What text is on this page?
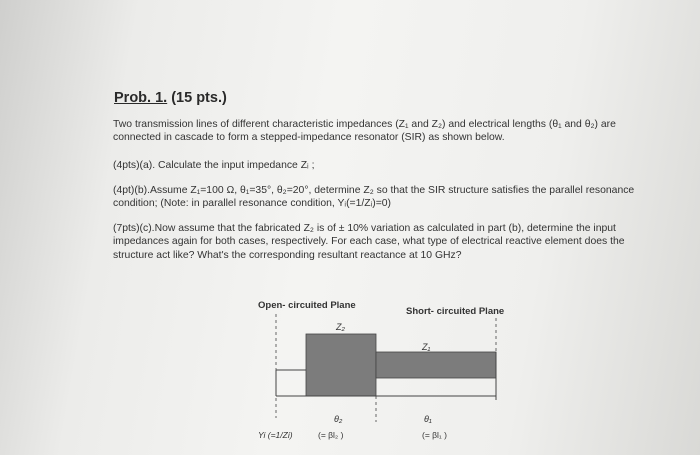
Prob. 1. (15 pts.)
Two transmission lines of different characteristic impedances (Z₁ and Z₂) and electrical lengths (θ₁ and θ₂) are connected in cascade to form a stepped-impedance resonator (SIR) as shown below.
(4pts)(a). Calculate the input impedance Zᵢ ;
(4pt)(b).Assume Z₁=100 Ω, θ₁=35°, θ₂=20°, determine Z₂ so that the SIR structure satisfies the parallel resonance condition; (Note: in parallel resonance condition, Yᵢ(=1/Zᵢ)=0)
(7pts)(c).Now assume that the fabricated Z₂ is of ± 10% variation as calculated in part (b), determine the input impedances again for both cases, respectively. For each case, what type of electrical reactive element does the structure act like? What's the corresponding resultant reactance at 10 GHz?
Open- circuited Plane
Short- circuited Plane
Z₂
Z₁
θ₂	θ₁
Yi (=1/Zi)	(= βl₂ )	(= βl₁ )
